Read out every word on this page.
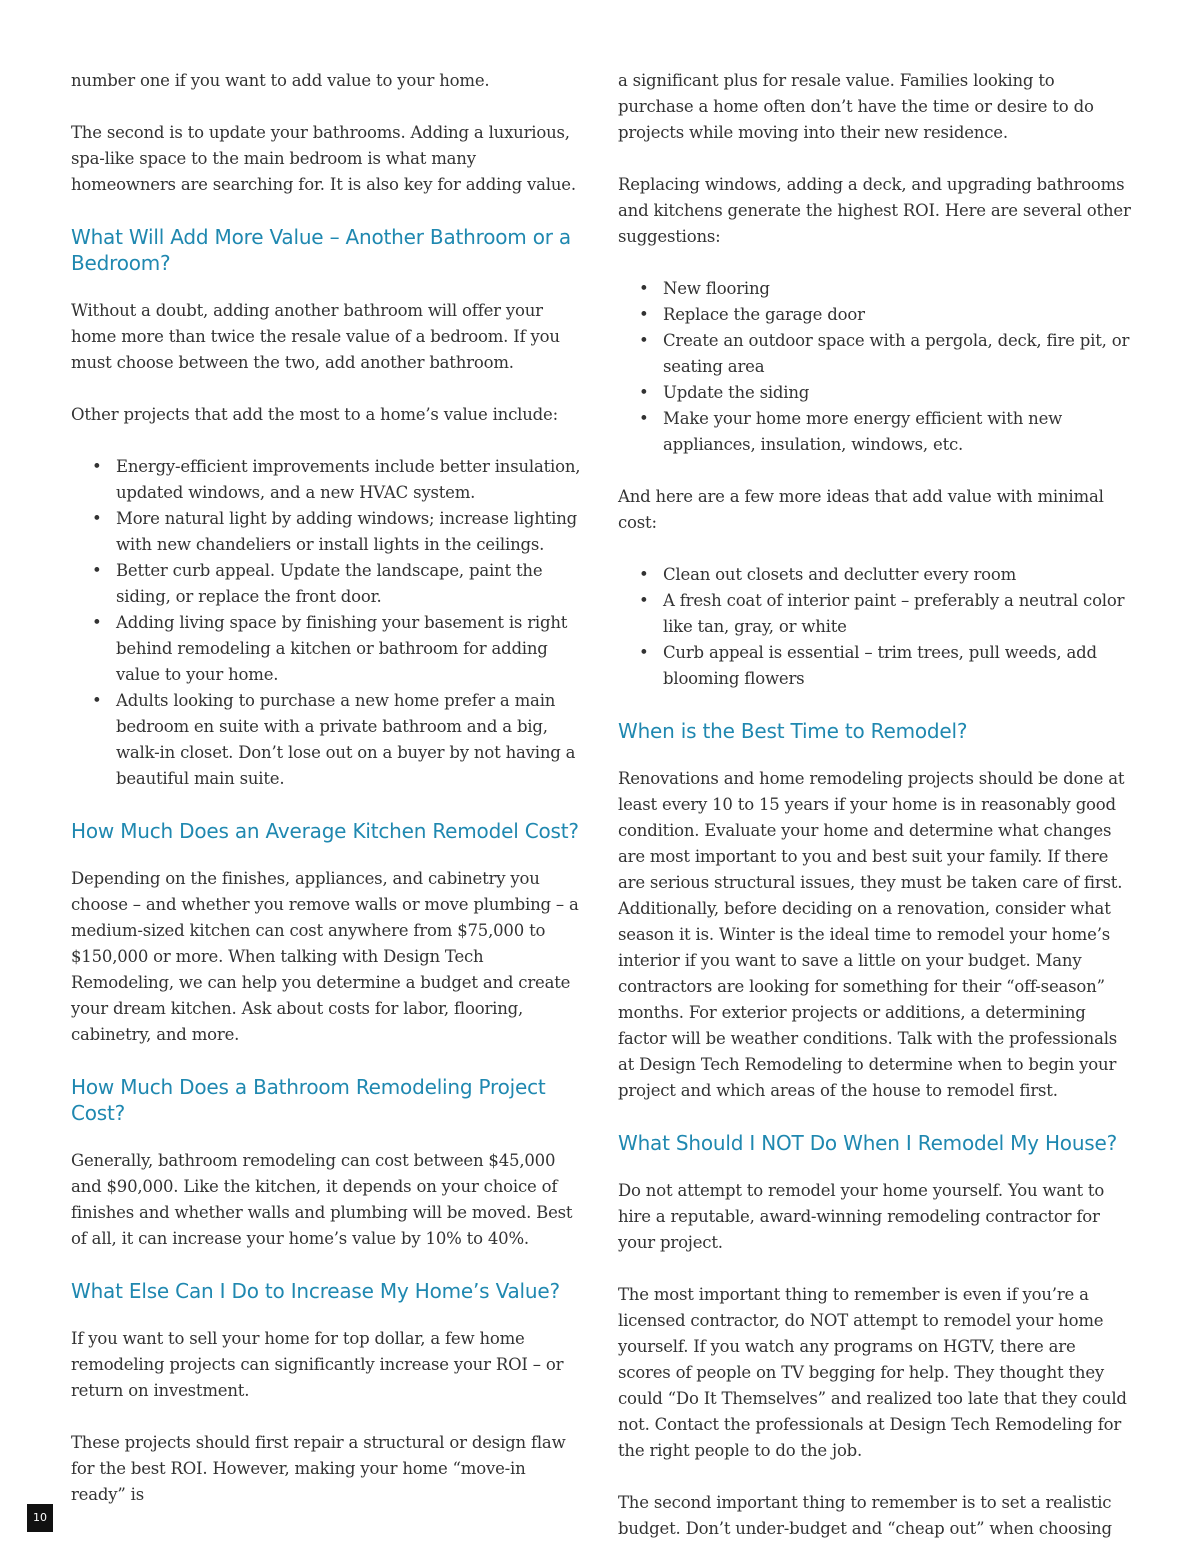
number one if you want to add value to your home.

The second is to update your bathrooms. Adding a luxurious, spa-like space to the main bedroom is what many homeowners are searching for. It is also key for adding value.

What Will Add More Value – Another Bathroom or a Bedroom?

Without a doubt, adding another bathroom will offer your home more than twice the resale value of a bedroom. If you must choose between the two, add another bathroom.

Other projects that add the most to a home’s value include:

• Energy-efficient improvements include better insulation, updated windows, and a new HVAC system.
• More natural light by adding windows; increase lighting with new chandeliers or install lights in the ceilings.
• Better curb appeal. Update the landscape, paint the siding, or replace the front door.
• Adding living space by finishing your basement is right behind remodeling a kitchen or bathroom for adding value to your home.
• Adults looking to purchase a new home prefer a main bedroom en suite with a private bathroom and a big, walk-in closet. Don’t lose out on a buyer by not having a beautiful main suite.
How Much Does an Average Kitchen Remodel Cost?

Depending on the finishes, appliances, and cabinetry you choose – and whether you remove walls or move plumbing – a medium-sized kitchen can cost anywhere from $75,000 to $150,000 or more. When talking with Design Tech Remodeling, we can help you determine a budget and create your dream kitchen. Ask about costs for labor, flooring, cabinetry, and more.

How Much Does a Bathroom Remodeling Project Cost?

Generally, bathroom remodeling can cost between $45,000 and $90,000. Like the kitchen, it depends on your choice of finishes and whether walls and plumbing will be moved. Best of all, it can increase your home’s value by 10% to 40%.

What Else Can I Do to Increase My Home’s Value?

If you want to sell your home for top dollar, a few home remodeling projects can significantly increase your ROI – or return on investment.

These projects should first repair a structural or design flaw for the best ROI. However, making your home “move-in ready” is

a significant plus for resale value. Families looking to purchase a home often don’t have the time or desire to do projects while moving into their new residence.

Replacing windows, adding a deck, and upgrading bathrooms and kitchens generate the highest ROI. Here are several other suggestions:

• New flooring
• Replace the garage door
• Create an outdoor space with a pergola, deck, fire pit, or seating area
• Update the siding
• Make your home more energy efficient with new appliances, insulation, windows, etc.

And here are a few more ideas that add value with minimal cost:

• Clean out closets and declutter every room
• A fresh coat of interior paint – preferably a neutral color like tan, gray, or white
• Curb appeal is essential – trim trees, pull weeds, add blooming flowers
When is the Best Time to Remodel?

Renovations and home remodeling projects should be done at least every 10 to 15 years if your home is in reasonably good condition. Evaluate your home and determine what changes are most important to you and best suit your family. If there are serious structural issues, they must be taken care of first.

Additionally, before deciding on a renovation, consider what season it is. Winter is the ideal time to remodel your home’s interior if you want to save a little on your budget. Many contractors are looking for something for their “off-season” months. For exterior projects or additions, a determining factor will be weather conditions. Talk with the professionals at Design Tech Remodeling to determine when to begin your project and which areas of the house to remodel first.

What Should I NOT Do When I Remodel My House?

Do not attempt to remodel your home yourself. You want to hire a reputable, award-winning remodeling contractor for your project.

The most important thing to remember is even if you’re a licensed contractor, do NOT attempt to remodel your home yourself. If you watch any programs on HGTV, there are scores of people on TV begging for help. They thought they could “Do It Themselves” and realized too late that they could not. Contact the professionals at Design Tech Remodeling for the right people to do the job.

The second important thing to remember is to set a realistic budget. Don’t under-budget and “cheap out” when choosing

10
